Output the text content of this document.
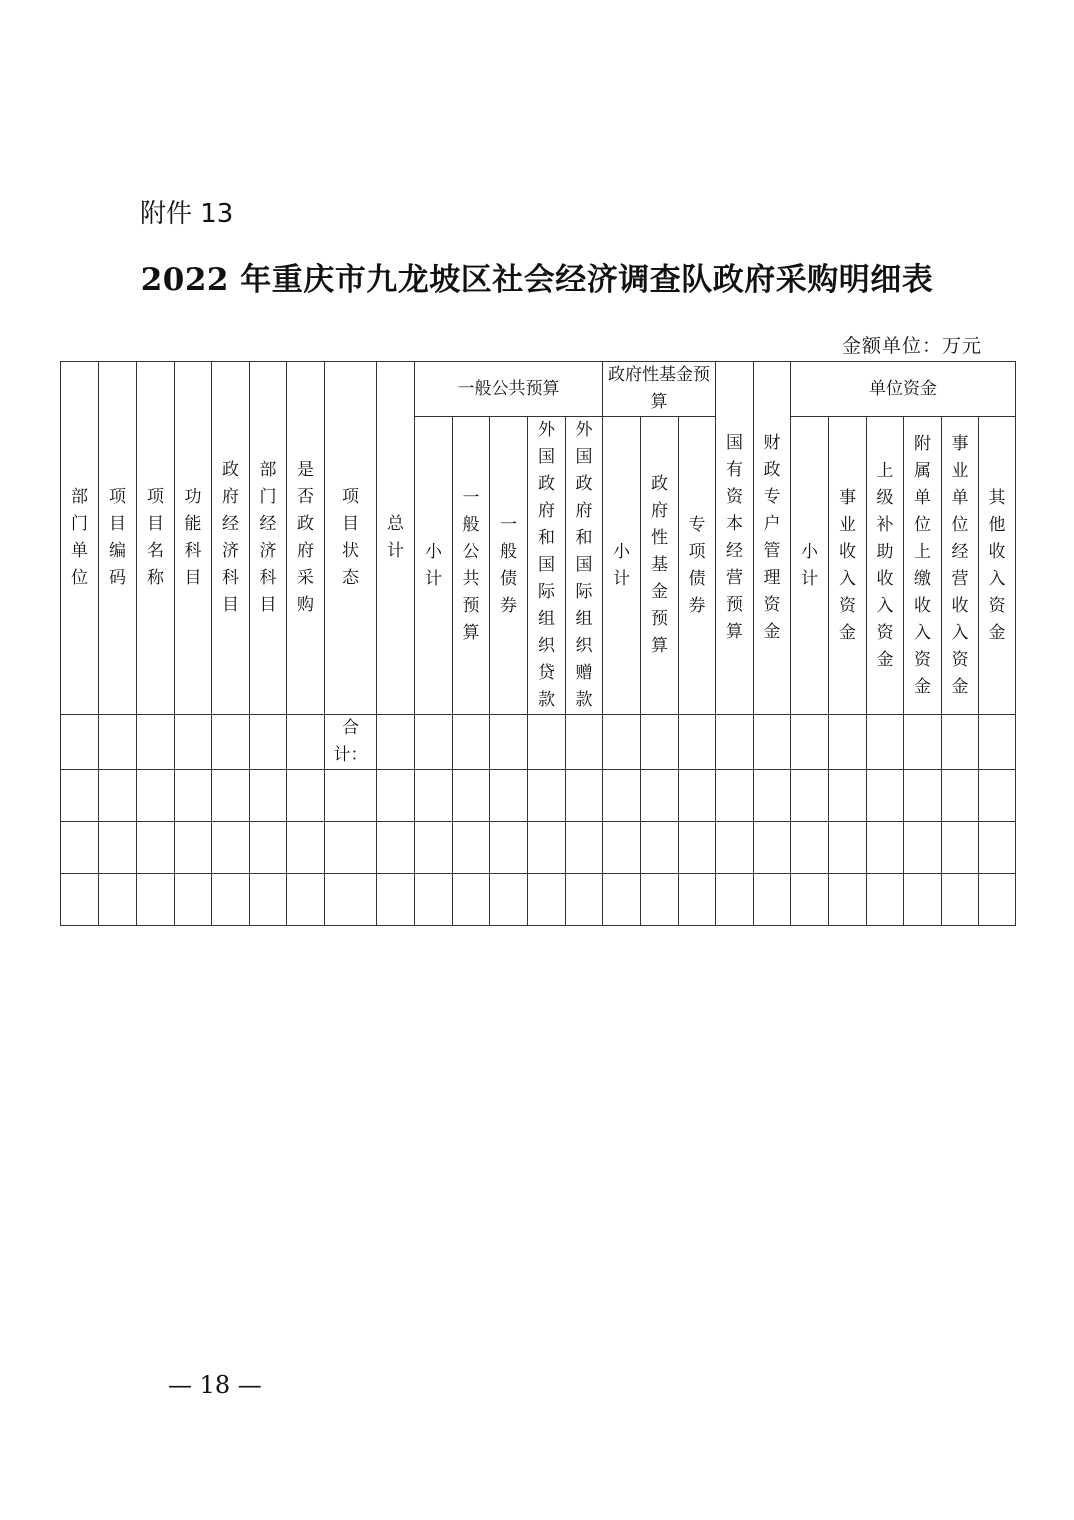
附件 13
2022 年重庆市九龙坡区社会经济调查队政府采购明细表
金额单位：万元
部门单位	项目编码	项目名称	功能科目	政府经济科目	部门经济科目	是否政府采购	项目状态	总计	一般公共预算					政府性基金预算			国有资本经营预算	财政专户管理资金	单位资金					
									小计	一般公共预算	一般债券	外国政府和国际组织贷款	外国政府和国际组织赠款	小计	政府性基金预算	专项债券			小计	事业收入资金	上级补助收入资金	附属单位上缴收入资金	事业单位经营收入资金	其他收入资金
							合计：																	

— 18 —
